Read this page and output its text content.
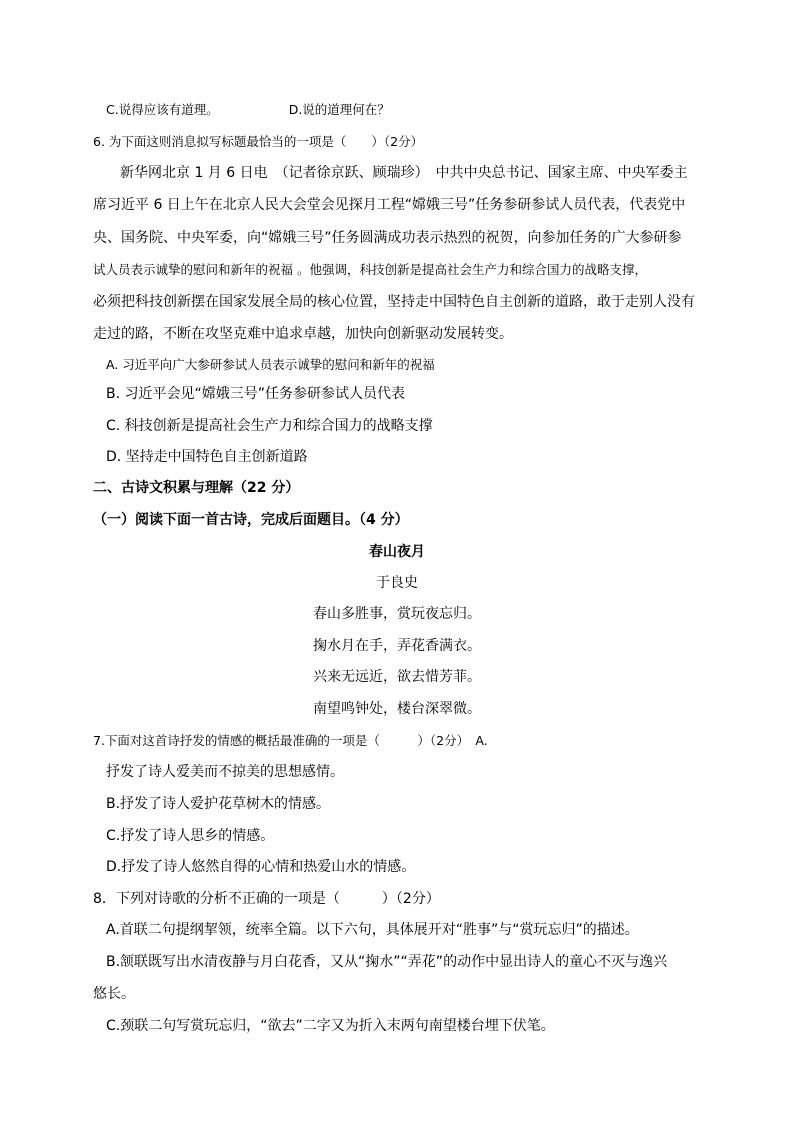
C.说得应该有道理。	D.说的道理何在？
6. 为下面这则消息拟写标题最恰当的一项是（　　）（2分）
新华网北京 1 月 6 日电　（记者徐京跃、顾瑞珍）　中共中央总书记、国家主席、中央军委主
席习近平 6 日上午在北京人民大会堂会见探月工程“嫦娥三号”任务参研参试人员代表，代表党中
央、国务院、中央军委，向“嫦娥三号”任务圆满成功表示热烈的祝贺，向参加任务的广大参研参
试人员表示诚挚的慰问和新年的祝福 。他强调，科技创新是提高社会生产力和综合国力的战略支撑，
必须把科技创新摆在国家发展全局的核心位置，坚持走中国特色自主创新的道路，敢于走别人没有
走过的路，不断在攻坚克难中追求卓越，加快向创新驱动发展转变。
A. 习近平向广大参研参试人员表示诚挚的慰问和新年的祝福
B. 习近平会见“嫦娥三号”任务参研参试人员代表
C. 科技创新是提高社会生产力和综合国力的战略支撑
D. 坚持走中国特色自主创新道路
二、古诗文积累与理解（22 分）
（一）阅读下面一首古诗，完成后面题目。（4 分）
春山夜月
于良史
春山多胜事，赏玩夜忘归。
掬水月在手，弄花香满衣。
兴来无远近，欲去惜芳菲。
南望鸣钟处，楼台深翠微。
7.下面对这首诗抒发的情感的概括最准确的一项是（　　　）（2分）　A.
抒发了诗人爱美而不掠美的思想感情。
B.抒发了诗人爱护花草树木的情感。
C.抒发了诗人思乡的情感。
D.抒发了诗人悠然自得的心情和热爱山水的情感。
8．下列对诗歌的分析不正确的一项是（　　　）（2分）
A.首联二句提纲挈领，统率全篇。以下六句，具体展开对“胜事”与“赏玩忘归”的描述。
B.颔联既写出水清夜静与月白花香，又从“掬水”“弄花”的动作中显出诗人的童心不灭与逸兴
悠长。
C.颈联二句写赏玩忘归，“欲去”二字又为折入末两句南望楼台埋下伏笔。
